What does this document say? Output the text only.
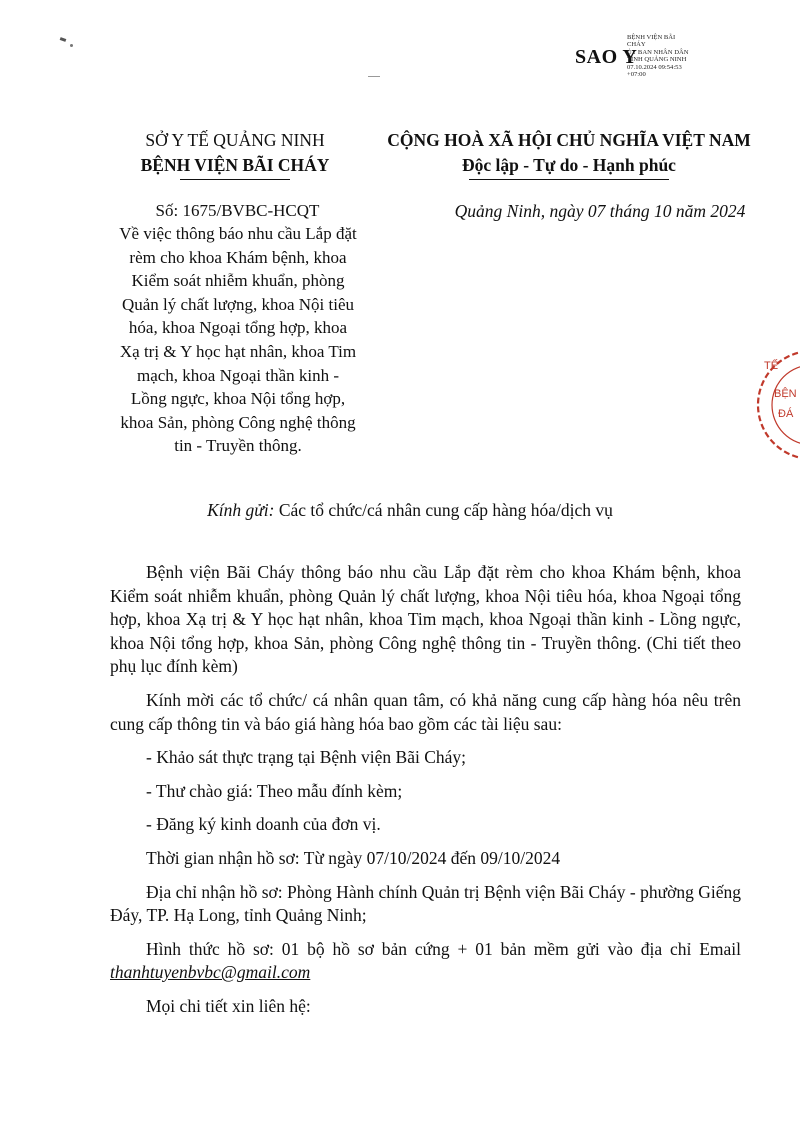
SAO Y
BỆNH VIỆN BÃI
CHÁY
ỦY BAN NHÂN DÂN
TỈNH QUẢNG NINH
07.10.2024 09:54:53
+07:00
SỞ Y TẾ QUẢNG NINH
BỆNH VIỆN BÃI CHÁY
CỘNG HOÀ XÃ HỘI CHỦ NGHĨA VIỆT NAM
Độc lập - Tự do - Hạnh phúc
Số: 1675/BVBC-HCQT	Quảng Ninh, ngày 07 tháng 10 năm 2024
Về việc thông báo nhu cầu Lắp đặt rèm cho khoa Khám bệnh, khoa Kiểm soát nhiễm khuẩn, phòng Quản lý chất lượng, khoa Nội tiêu hóa, khoa Ngoại tổng hợp, khoa Xạ trị & Y học hạt nhân, khoa Tim mạch, khoa Ngoại thần kinh - Lồng ngực, khoa Nội tổng hợp, khoa Sản, phòng Công nghệ thông tin - Truyền thông.
TẾ
BỆN
ĐÁ
Kính gửi: Các tổ chức/cá nhân cung cấp hàng hóa/dịch vụ

Bệnh viện Bãi Cháy thông báo nhu cầu Lắp đặt rèm cho khoa Khám bệnh, khoa Kiểm soát nhiễm khuẩn, phòng Quản lý chất lượng, khoa Nội tiêu hóa, khoa Ngoại tổng hợp, khoa Xạ trị & Y học hạt nhân, khoa Tim mạch, khoa Ngoại thần kinh - Lồng ngực, khoa Nội tổng hợp, khoa Sản, phòng Công nghệ thông tin - Truyền thông. (Chi tiết theo phụ lục đính kèm)

Kính mời các tổ chức/ cá nhân quan tâm, có khả năng cung cấp hàng hóa nêu trên cung cấp thông tin và báo giá hàng hóa bao gồm các tài liệu sau:

- Khảo sát thực trạng tại Bệnh viện Bãi Cháy;

- Thư chào giá: Theo mẫu đính kèm;

- Đăng ký kinh doanh của đơn vị.

Thời gian nhận hồ sơ: Từ ngày 07/10/2024 đến 09/10/2024

Địa chỉ nhận hồ sơ: Phòng Hành chính Quản trị Bệnh viện Bãi Cháy - phường Giếng Đáy, TP. Hạ Long, tỉnh Quảng Ninh;

Hình thức hồ sơ: 01 bộ hồ sơ bản cứng + 01 bản mềm gửi vào địa chỉ Email thanhtuyenbvbc@gmail.com

Mọi chi tiết xin liên hệ:
